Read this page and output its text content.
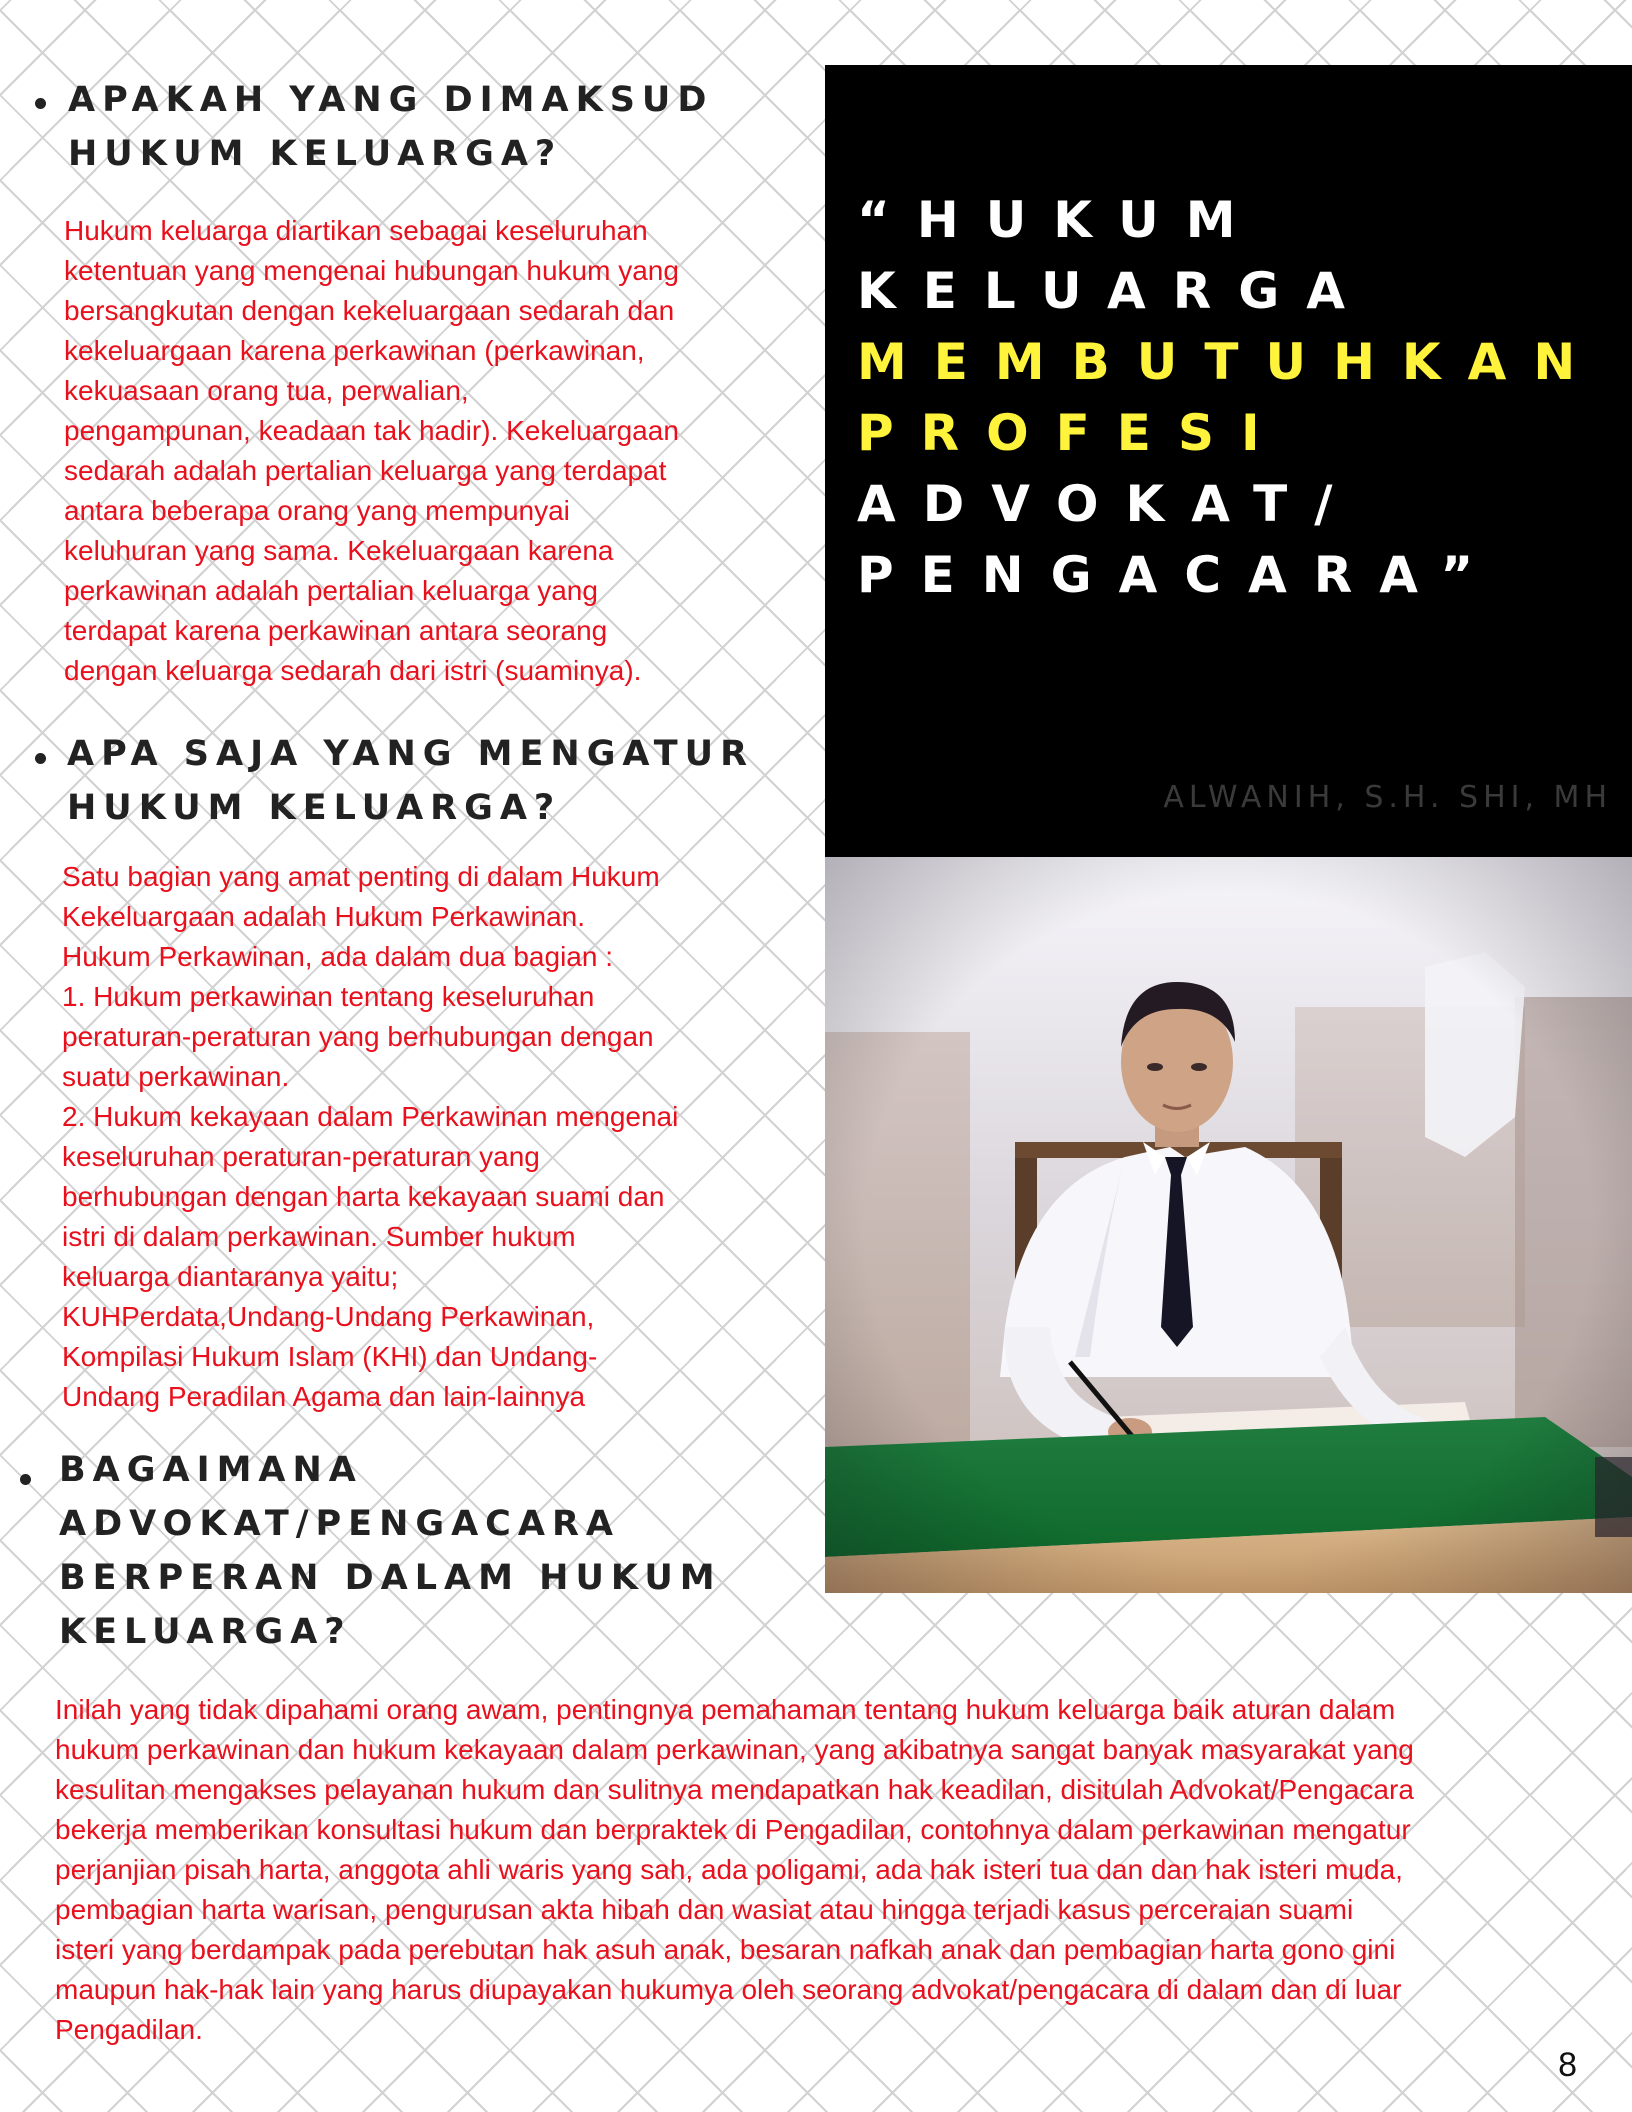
APAKAH YANG DIMAKSUD
HUKUM KELUARGA?

Hukum keluarga diartikan sebagai keseluruhan
ketentuan yang mengenai hubungan hukum yang
bersangkutan dengan kekeluargaan sedarah dan
kekeluargaan karena perkawinan (perkawinan,
kekuasaan orang tua, perwalian,
pengampunan, keadaan tak hadir). Kekeluargaan
sedarah adalah pertalian keluarga yang terdapat
antara beberapa orang yang mempunyai
keluhuran yang sama. Kekeluargaan karena
perkawinan adalah pertalian keluarga yang
terdapat karena perkawinan antara seorang
dengan keluarga sedarah dari istri (suaminya).

APA SAJA YANG MENGATUR
HUKUM KELUARGA?

Satu bagian yang amat penting di dalam Hukum
Kekeluargaan adalah Hukum Perkawinan.
Hukum Perkawinan, ada dalam dua bagian :
1. Hukum perkawinan tentang keseluruhan
peraturan-peraturan yang berhubungan dengan
suatu perkawinan.
2. Hukum kekayaan dalam Perkawinan mengenai
keseluruhan peraturan-peraturan yang
berhubungan dengan harta kekayaan suami dan
istri di dalam perkawinan. Sumber hukum
keluarga diantaranya yaitu;
KUHPerdata,Undang-Undang Perkawinan,
Kompilasi Hukum Islam (KHI) dan Undang-
Undang Peradilan Agama dan lain-lainnya

BAGAIMANA
ADVOKAT/PENGACARA
BERPERAN DALAM HUKUM
KELUARGA?

Inilah yang tidak dipahami orang awam, pentingnya pemahaman tentang hukum keluarga baik aturan dalam
hukum perkawinan dan hukum kekayaan dalam perkawinan, yang akibatnya sangat banyak masyarakat yang
kesulitan mengakses pelayanan hukum dan sulitnya mendapatkan hak keadilan, disitulah Advokat/Pengacara
bekerja memberikan konsultasi hukum dan berpraktek di Pengadilan, contohnya dalam perkawinan mengatur
perjanjian pisah harta, anggota ahli waris yang sah, ada poligami, ada hak isteri tua dan dan hak isteri muda,
pembagian harta warisan, pengurusan akta hibah dan wasiat atau hingga terjadi kasus perceraian suami
isteri yang berdampak pada perebutan hak asuh anak, besaran nafkah anak dan pembagian harta gono gini
maupun hak-hak lain yang harus diupayakan hukumya oleh seorang advokat/pengacara di dalam dan di luar
Pengadilan.

“HUKUM
KELUARGA
MEMBUTUHKAN
PROFESI
ADVOKAT/
PENGACARA”

ALWANIH, S.H. SHI, MH

8
